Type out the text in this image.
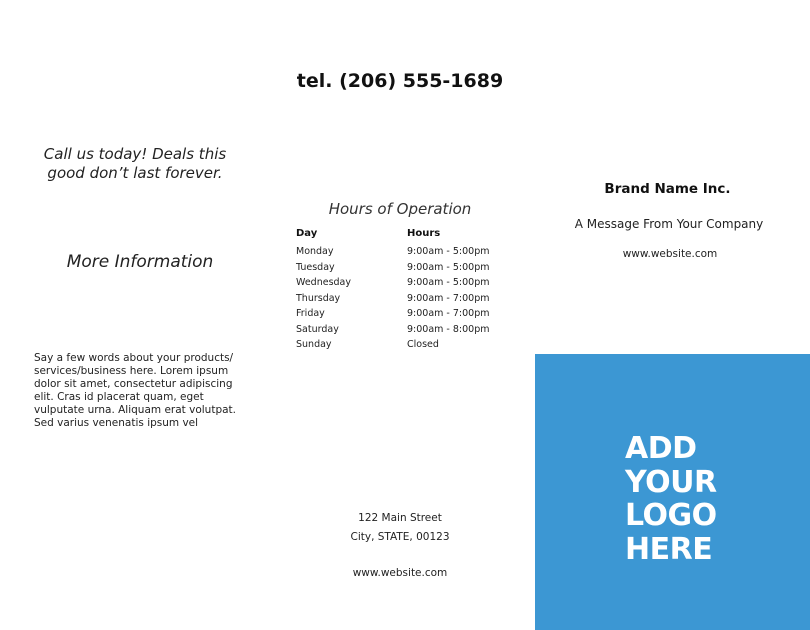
Call us today! Deals this
good don’t last forever.
More Information
Say a few words about your products/
services/business here. Lorem ipsum
dolor sit amet, consectetur adipiscing
elit. Cras id placerat quam, eget
vulputate urna. Aliquam erat volutpat.
Sed varius venenatis ipsum vel
tel. (206) 555-1689
Hours of Operation
Day	Hours
Monday	9:00am - 5:00pm
Tuesday	9:00am - 5:00pm
Wednesday	9:00am - 5:00pm
Thursday	9:00am - 7:00pm
Friday	9:00am - 7:00pm
Saturday	9:00am - 8:00pm
Sunday	Closed
122 Main Street
City, STATE, 00123
www.website.com
Brand Name Inc.
A Message From Your Company
www.website.com
ADD
YOUR
LOGO
HERE
